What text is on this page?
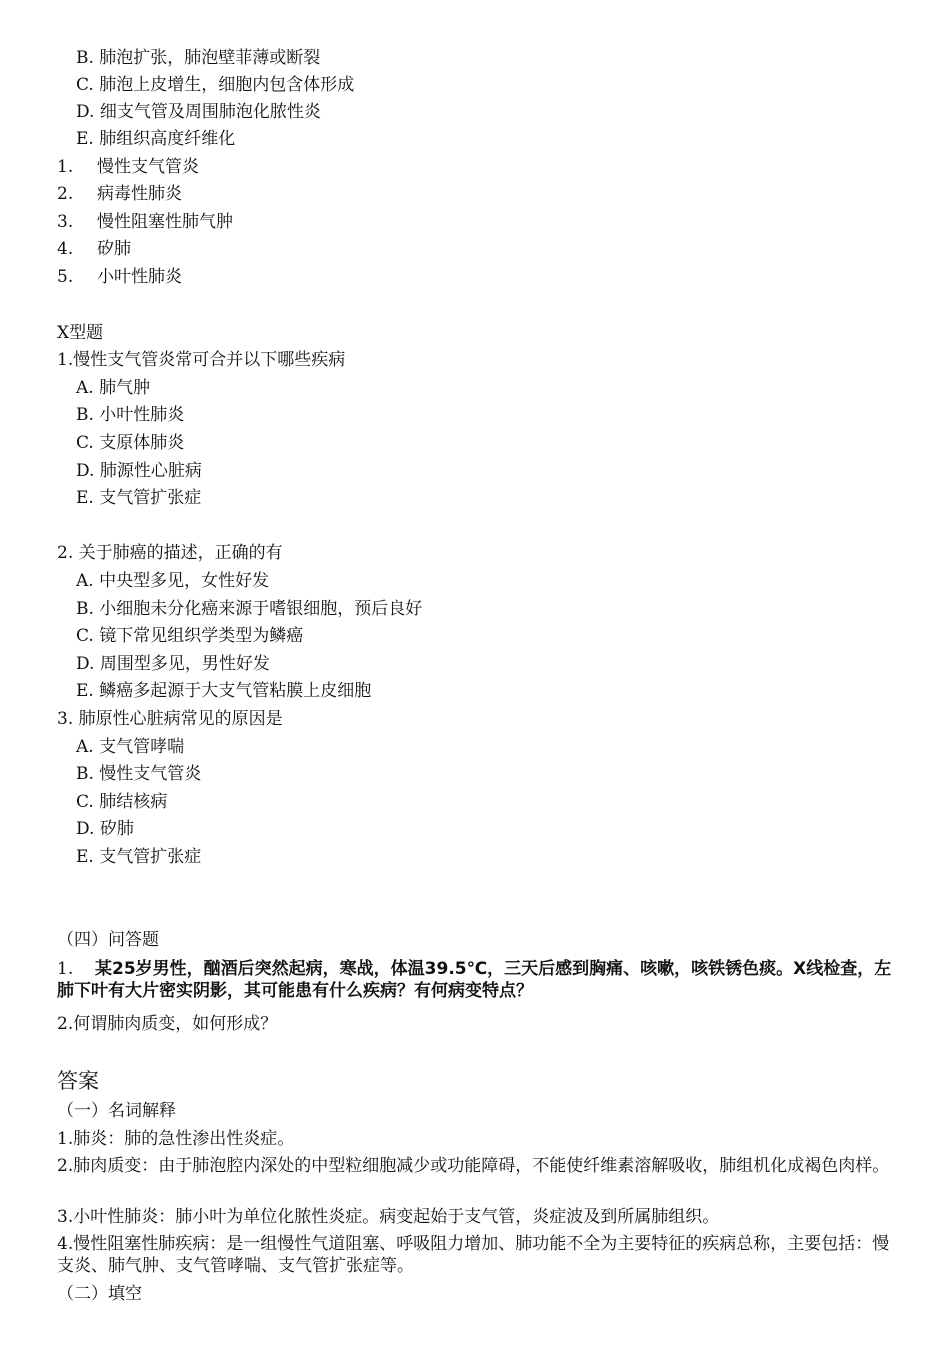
B. 肺泡扩张，肺泡壁菲薄或断裂
C. 肺泡上皮增生，细胞内包含体形成
D. 细支气管及周围肺泡化脓性炎
E. 肺组织高度纤维化
1. 慢性支气管炎
2. 病毒性肺炎
3. 慢性阻塞性肺气肿
4. 矽肺
5. 小叶性肺炎
X型题
1.慢性支气管炎常可合并以下哪些疾病
A. 肺气肿
B. 小叶性肺炎
C. 支原体肺炎
D. 肺源性心脏病
E. 支气管扩张症
2. 关于肺癌的描述，正确的有
A. 中央型多见，女性好发
B. 小细胞未分化癌来源于嗜银细胞，预后良好
C. 镜下常见组织学类型为鳞癌
D. 周围型多见，男性好发
E. 鳞癌多起源于大支气管粘膜上皮细胞
3. 肺原性心脏病常见的原因是
A. 支气管哮喘
B. 慢性支气管炎
C. 肺结核病
D. 矽肺
E. 支气管扩张症
（四）问答题
1. 某25岁男性，酗酒后突然起病，寒战，体温39.5℃，三天后感到胸痛、咳嗽，咳铁锈色痰。X线检查，左肺下叶有大片密实阴影，其可能患有什么疾病？有何病变特点？
2.何谓肺肉质变，如何形成？
答案
（一）名词解释
1.肺炎：肺的急性渗出性炎症。
2.肺肉质变：由于肺泡腔内深处的中型粒细胞减少或功能障碍，不能使纤维素溶解吸收，肺组机化成褐色肉样。
3.小叶性肺炎：肺小叶为单位化脓性炎症。病变起始于支气管，炎症波及到所属肺组织。
4.慢性阻塞性肺疾病：是一组慢性气道阻塞、呼吸阻力增加、肺功能不全为主要特征的疾病总称，主要包括：慢支炎、肺气肿、支气管哮喘、支气管扩张症等。
（二）填空
